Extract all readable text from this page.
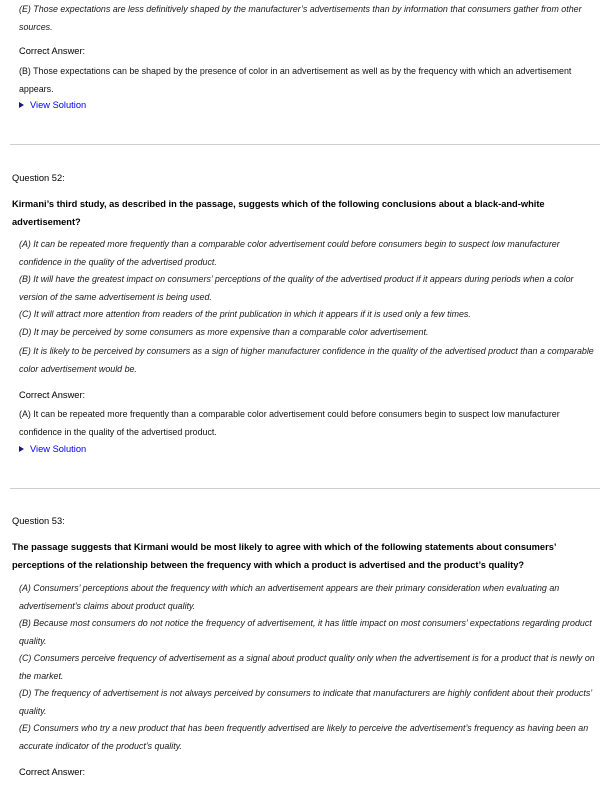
(E) Those expectations are less definitively shaped by the manufacturer’s advertisements than by information that consumers gather from other sources.

Correct Answer:

(B) Those expectations can be shaped by the presence of color in an advertisement as well as by the frequency with which an advertisement appears.

View Solution

Question 52:

Kirmani’s third study, as described in the passage, suggests which of the following conclusions about a black-and-white advertisement?

(A) It can be repeated more frequently than a comparable color advertisement could before consumers begin to suspect low manufacturer confidence in the quality of the advertised product.

(B) It will have the greatest impact on consumers’ perceptions of the quality of the advertised product if it appears during periods when a color version of the same advertisement is being used.

(C) It will attract more attention from readers of the print publication in which it appears if it is used only a few times.

(D) It may be perceived by some consumers as more expensive than a comparable color advertisement.

(E) It is likely to be perceived by consumers as a sign of higher manufacturer confidence in the quality of the advertised product than a comparable color advertisement would be.

Correct Answer:

(A) It can be repeated more frequently than a comparable color advertisement could before consumers begin to suspect low manufacturer confidence in the quality of the advertised product.

View Solution

Question 53:

The passage suggests that Kirmani would be most likely to agree with which of the following statements about consumers’ perceptions of the relationship between the frequency with which a product is advertised and the product’s quality?

(A) Consumers’ perceptions about the frequency with which an advertisement appears are their primary consideration when evaluating an advertisement’s claims about product quality.

(B) Because most consumers do not notice the frequency of advertisement, it has little impact on most consumers’ expectations regarding product quality.

(C) Consumers perceive frequency of advertisement as a signal about product quality only when the advertisement is for a product that is newly on the market.

(D) The frequency of advertisement is not always perceived by consumers to indicate that manufacturers are highly confident about their products’ quality.

(E) Consumers who try a new product that has been frequently advertised are likely to perceive the advertisement’s frequency as having been an accurate indicator of the product’s quality.

Correct Answer:
